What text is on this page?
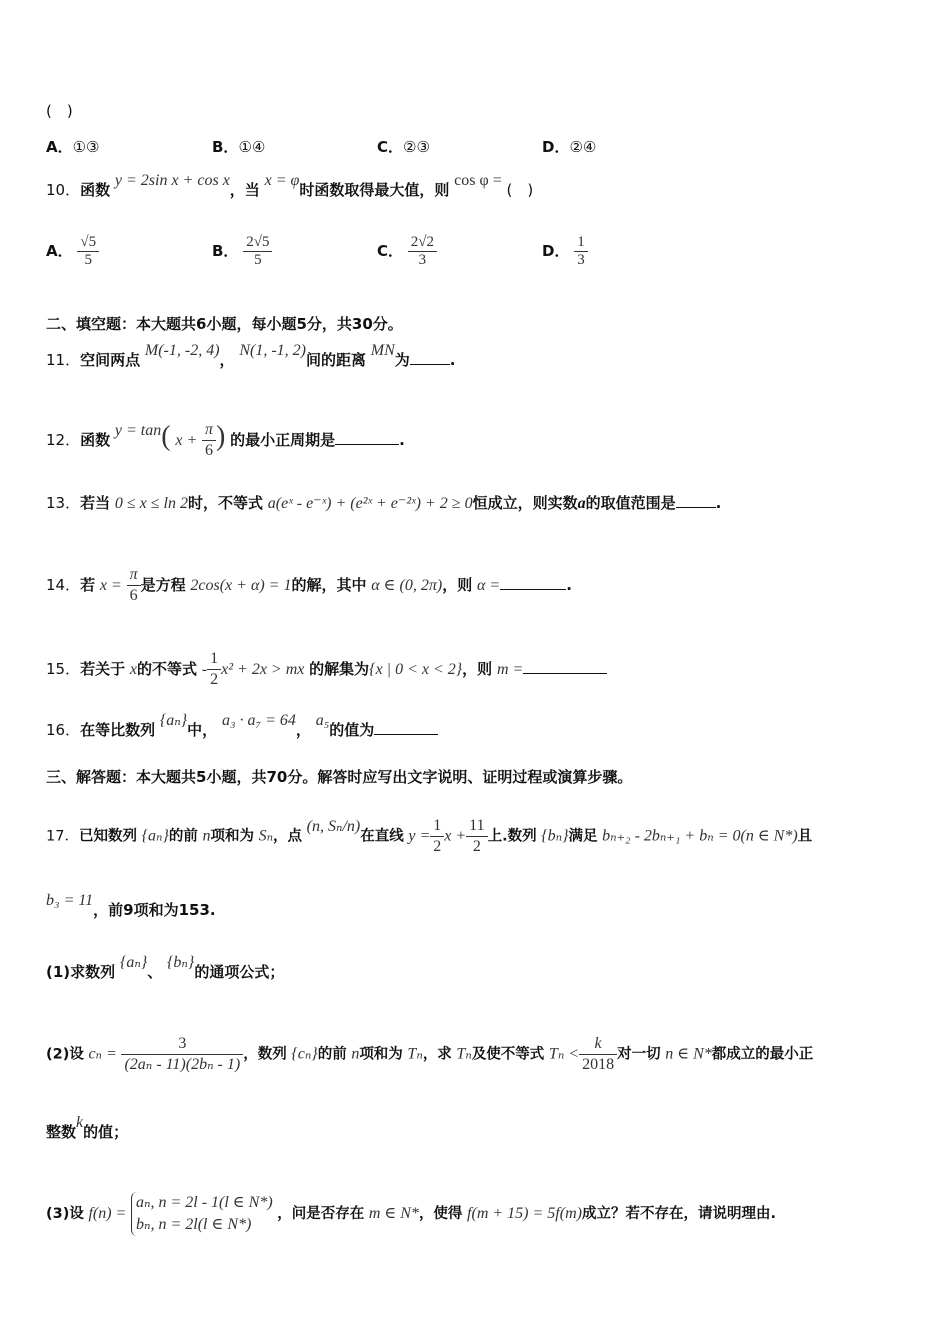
(　)
A．①③	B．①④	C．②③	D．②④
10．函数 y = 2sin x + cos x，当 x = φ时函数取得最大值，则 cos φ = (　)
A． $\frac{√5}{5}$	B． $\frac{2√5}{5}$	C． $\frac{2√2}{3}$	D． $\frac{1}{3}$
二、填空题：本大题共6小题，每小题5分，共30分。
11．空间两点 M(-1, -2, 4)， N(1, -1, 2)间的距离 MN为	.
12．函数 y = tan( $x + \frac{\pi}{6}$ ) 的最小正周期是	.
13．若当 0 ≤ x ≤ ln 2时，不等式 a(eˣ - e⁻ˣ) + (e²ˣ + e⁻²ˣ) + 2 ≥ 0恒成立，则实数a的取值范围是	.
14．若 $x = \frac{\pi}{6}$ 是方程 2cos(x + α) = 1的解，其中 α ∈ (0, 2π)，则 α =	.
15．若关于 x的不等式 - $\frac{1}{2} x^2 + 2x$ > mx 的解集为{x | 0 < x < 2}，则 m =
16．在等比数列 {aₙ}中， a₃ · a₇ = 64， a₅的值为
三、解答题：本大题共5小题，共70分。解答时应写出文字说明、证明过程或演算步骤。
17．已知数列 {aₙ}的前 n项和为 Sₙ，点 (n, Sₙ/n)在直线 $y = \frac{1}{2}$ $x + \frac{11}{2}$ 上.数列 {bₙ}满足 bₙ₊₂ - 2bₙ₊₁ + bₙ = 0(n ∈ N*)且
b₃ = 11，前9项和为153.
(1)求数列 {aₙ}、 {bₙ}的通项公式；
(2)设 $c_n = \frac{3}{\text{(2aₙ - 11)(2bₙ - 1)}}$ ，数列 {cₙ}的前 n项和为 Tₙ，求 Tₙ及使不等式 $T_n < \frac{k}{2018}$ 对一切 n ∈ N*都成立的最小正
整数k的值；
(3)设 f(n) =
aₙ, n = 2l - 1(l ∈ N*)
bₙ, n = 2l(l ∈ N*)
，问是否存在 m ∈ N*，使得 f(m + 15) = 5f(m)成立？若不存在，请说明理由.
